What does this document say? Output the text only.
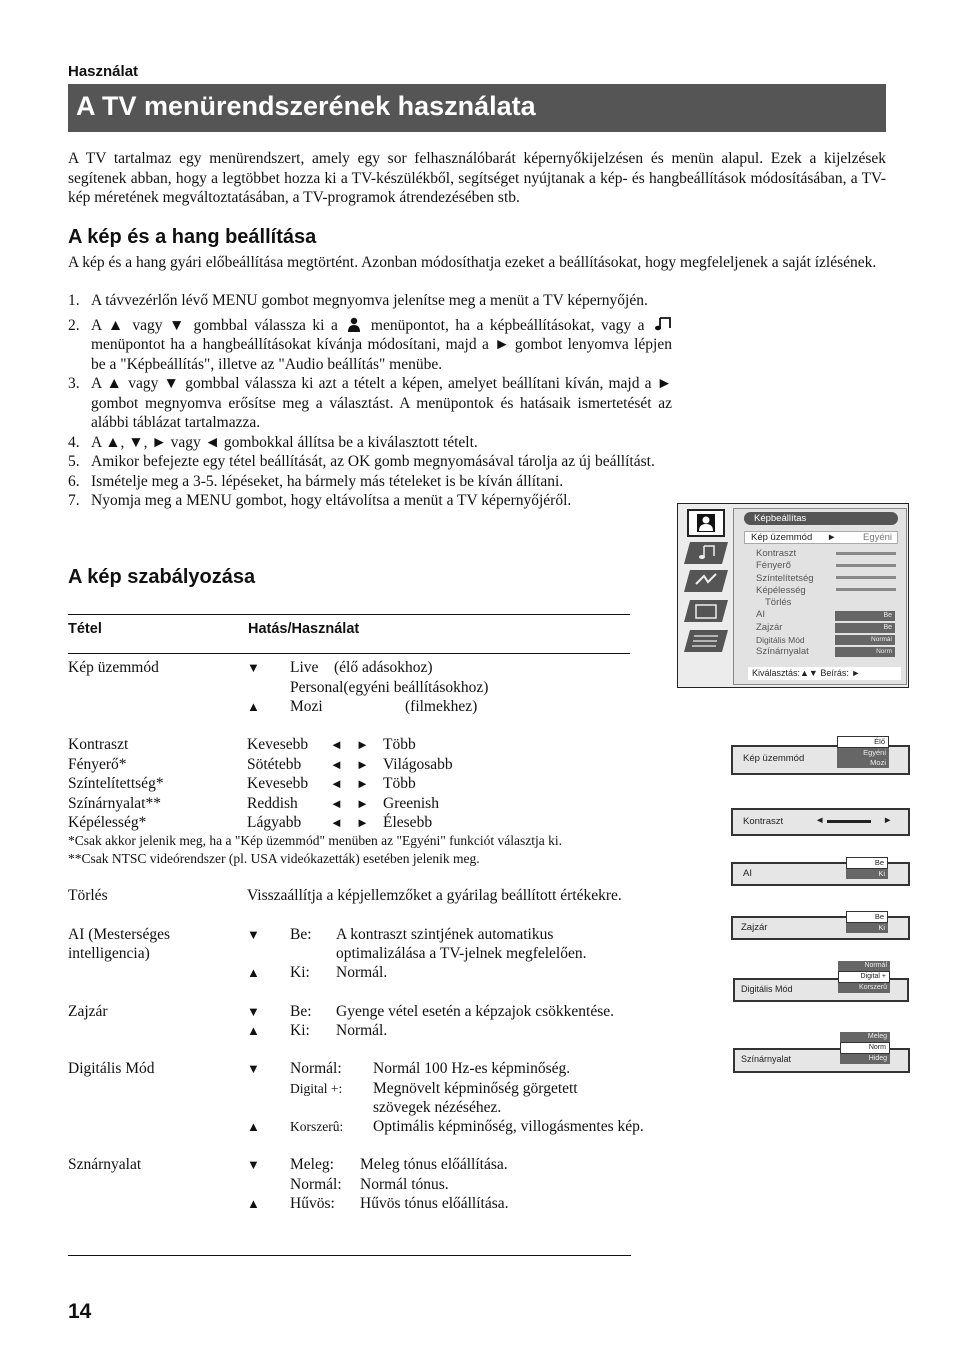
Használat
A TV menürendszerének használata
A TV tartalmaz egy menürendszert, amely egy sor felhasználóbarát képernyőkijelzésen és menün alapul. Ezek a kijelzések segítenek abban, hogy a legtöbbet hozza ki a TV-készülékből, segítséget nyújtanak a kép- és hangbeállítások módosításában, a TV-kép méretének megváltoztatásában, a TV-programok átrendezésében stb.
A kép és a hang beállítása
A kép és a hang gyári előbeállítása megtörtént. Azonban módosíthatja ezeket a beállításokat, hogy megfeleljenek a saját ízlésének.
1. A távvezérlőn lévő MENU gombot megnyomva jelenítse meg a menüt a TV képernyőjén.
2. A ▲ vagy ▼ gombbal válassza ki a menüpontot, ha a képbeállításokat, vagy a  menüpontot ha a hangbeállításokat kívánja módosítani, majd a ► gombot lenyomva lépjen be a "Képbeállítás", illetve az "Audio beállítás" menübe.
3. A ▲ vagy ▼ gombbal válassza ki azt a tételt a képen, amelyet beállítani kíván, majd a ► gombot megnyomva erősítse meg a választást. A menüpontok és hatásaik ismertetését az alábbi táblázat tartalmazza.
4. A ▲, ▼, ► vagy ◄ gombokkal állítsa be a kiválasztott tételt.
5. Amikor befejezte egy tétel beállítását, az OK gomb megnyomásával tárolja az új beállítást.
6. Ismételje meg a 3-5. lépéseket, ha bármely más tételeket is be kíván állítani.
7. Nyomja meg a MENU gombot, hogy eltávolítsa a menüt a TV képernyőjéről.
A kép szabályozása
Tétel	Hatás/Használat
Kép üzemmód	▼ Live (élő adásokhoz)
Personal(egyéni beállításokhoz)
▲ Mozi	(filmekhez)
Kontraszt	Kevesebb ◄ ► Több
Fényerő*	Sötétebb ◄ ► Világosabb
Színtelítettség*	Kevesebb ◄ ► Több
Színárnyalat**	Reddish ◄ ► Greenish
Képélesség*	Lágyabb ◄ ► Élesebb
*Csak akkor jelenik meg, ha a "Kép üzemmód" menüben az "Egyéni" funkciót választja ki.
**Csak NTSC videórendszer (pl. USA videókazetták) esetében jelenik meg.
Törlés	Visszaállítja a képjellemzőket a gyárilag beállított értékekre.
AI (Mesterséges
intelligencia)
▼ Be: A kontraszt szintjének automatikus
optimalizálása a TV-jelnek megfelelően.
▲ Ki: Normál.
Zajzár	▼ Be: Gyenge vétel esetén a képzajok csökkentése.
▲ Ki: Normál.
Digitális Mód	▼ Normál: Normál 100 Hz-es képminőség.
Digital +: Megnövelt képminőség görgetett
szövegek nézéséhez.
▲ Korszerû: Optimális képminőség, villogásmentes kép.
Sznárnyalat	▼ Meleg: Meleg tónus előállítása.
Normál: Normál tónus.
▲ Hűvös: Hűvös tónus előállítása.
Képbeállítas
Kép üzemmód ►	Egyéni
Kontraszt
Fényerő
Színtelítetség
Képélesség
Törlés
AI
Zajzár
Digitális Mód
Színárnyalat
Be
Be
Normál
Norm
Kiválasztás:▲▼ Beírás: ►
Kép üzemmód
Élő
Egyéni
Mozi
Kontraszt	◄	►
AI
Be
Ki
Zajzár
Be
Ki
Digitális Mód
Normál
Digital +
Korszerû
Színárnyalat
Meleg
Norm
Hideg
14
